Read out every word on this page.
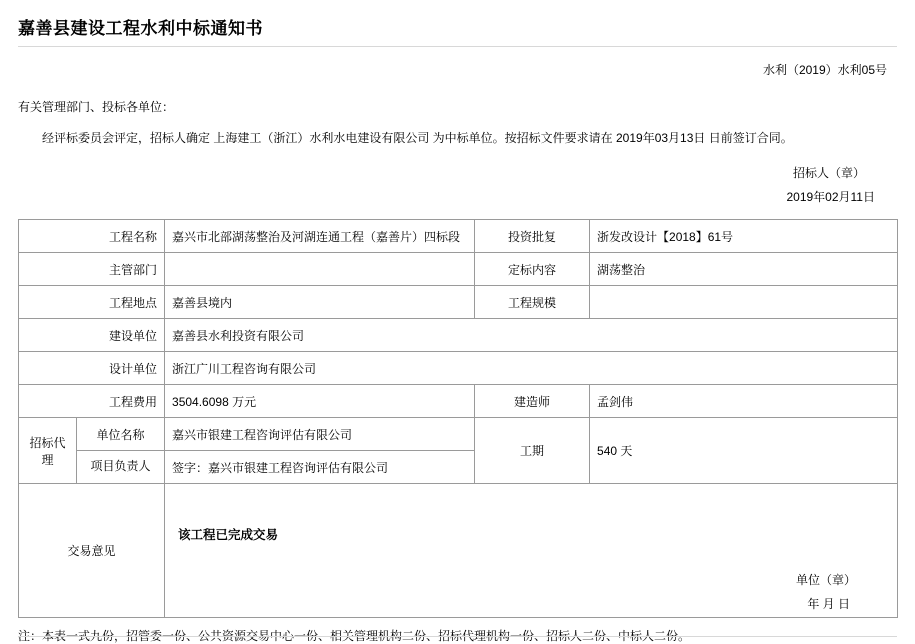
嘉善县建设工程水利中标通知书
水利（2019）水利05号
有关管理部门、投标各单位：
经评标委员会评定，招标人确定 上海建工（浙江）水利水电建设有限公司 为中标单位。按招标文件要求请在 2019年03月13日 日前签订合同。
招标人（章）
2019年02月11日
工程名称		嘉兴市北部湖荡整治及河湖连通工程（嘉善片）四标段	投资批复	浙发改设计【2018】61号
主管部门			定标内容	湖荡整治
工程地点		嘉善县境内	工程规模	
建设单位		嘉善县水利投资有限公司		
设计单位		浙江广川工程咨询有限公司		
工程费用		3504.6098 万元	建造师	孟剑伟
招标代理	单位名称	嘉兴市银建工程咨询评估有限公司	工期	540 天
	项目负责人	签字：嘉兴市银建工程咨询评估有限公司		
交易意见		该工程已完成交易
单位（章）
年 月 日		
注：本表一式九份，招管委一份、公共资源交易中心一份、相关管理机构二份、招标代理机构一份、招标人二份、中标人二份。
